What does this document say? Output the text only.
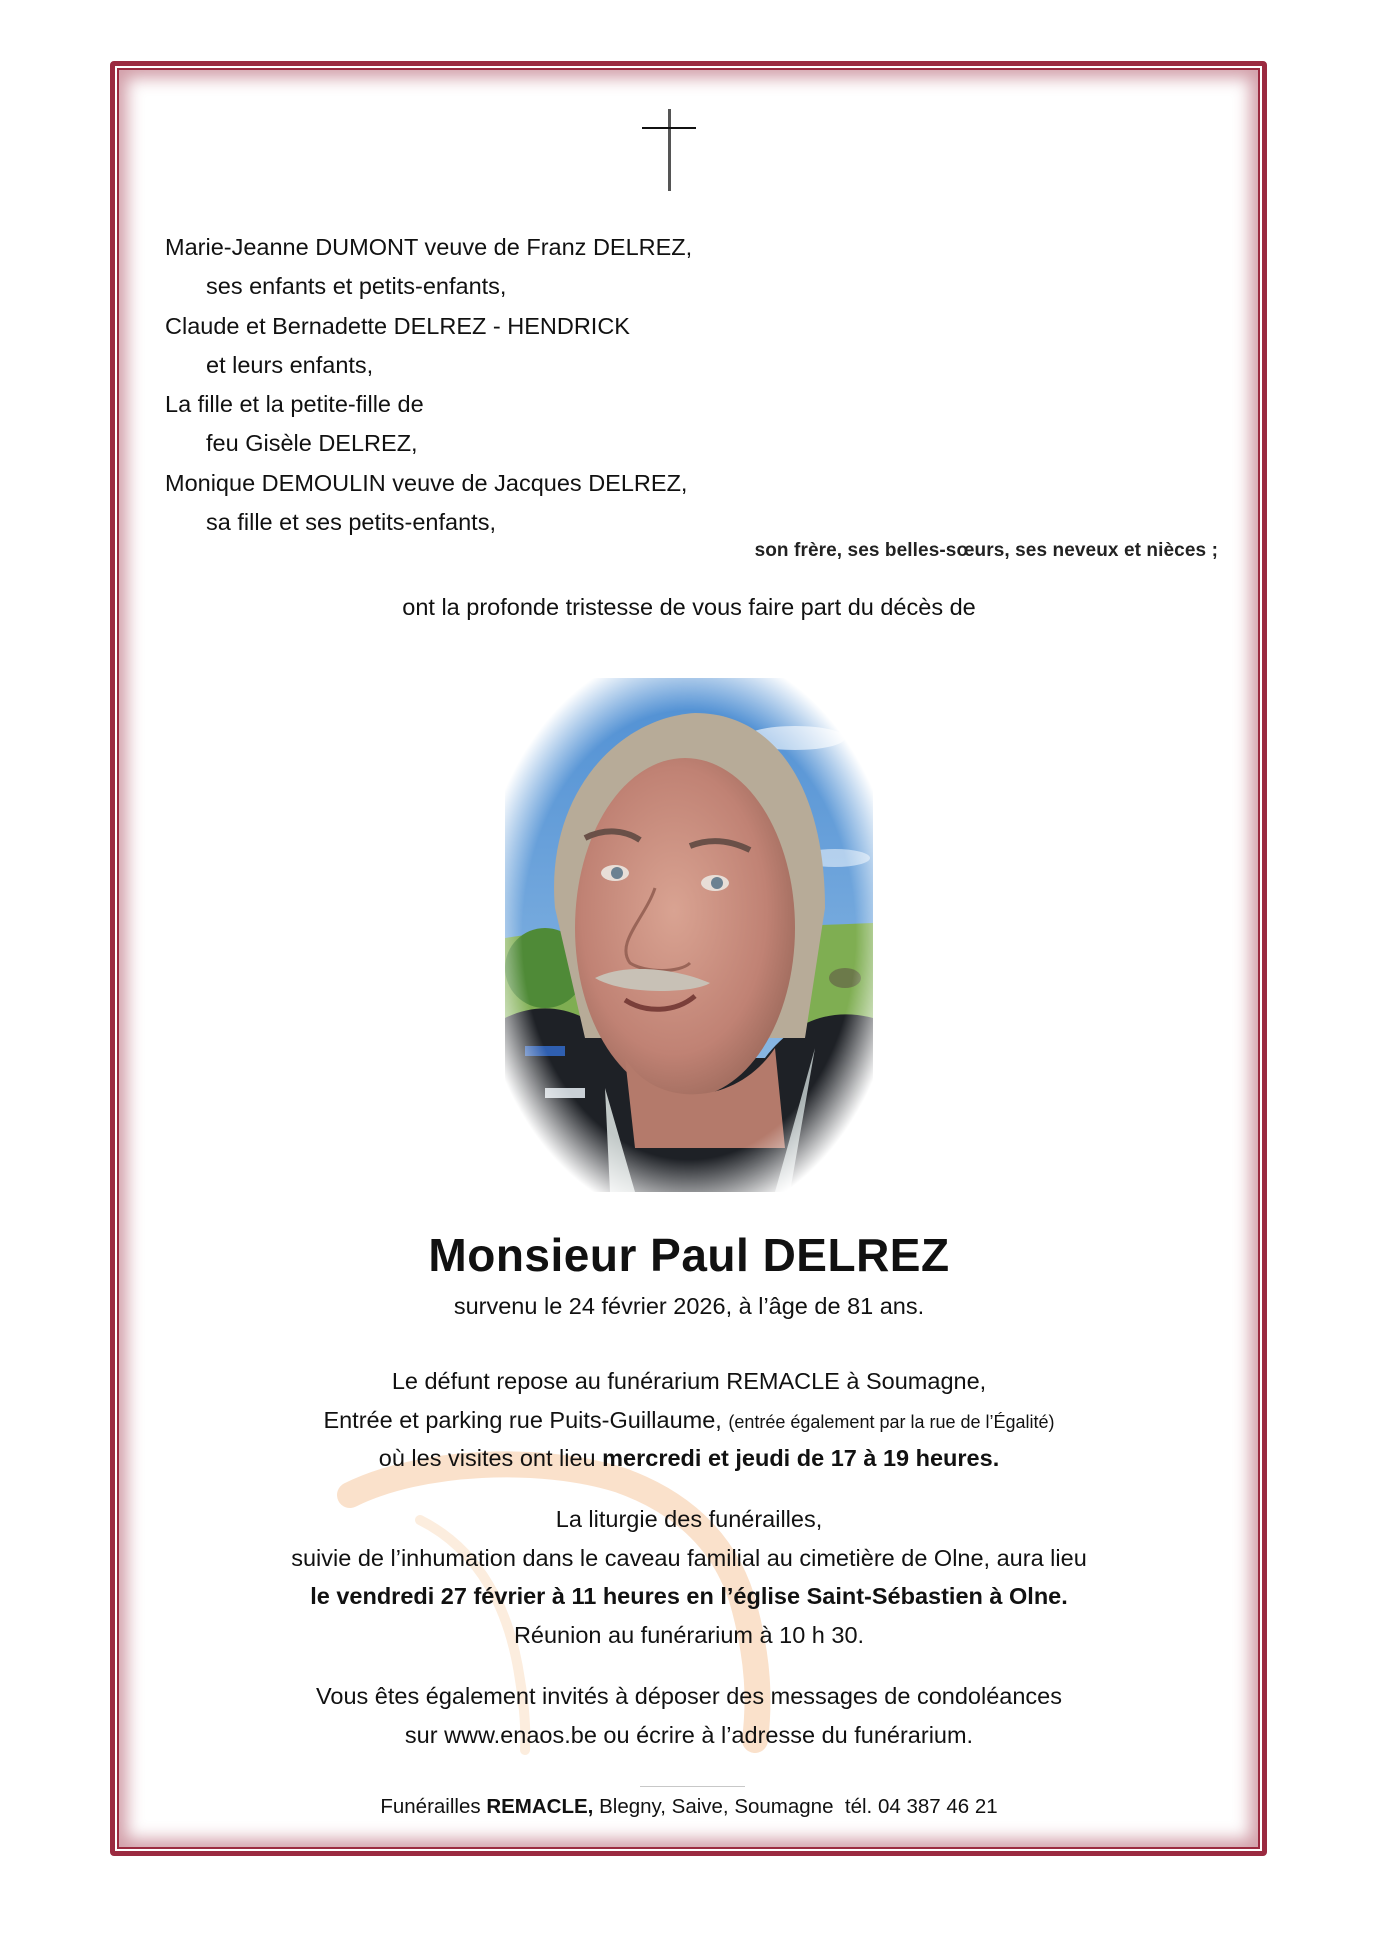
Marie-Jeanne DUMONT veuve de Franz DELREZ,
ses enfants et petits-enfants,
Claude et Bernadette DELREZ - HENDRICK
et leurs enfants,
La fille et la petite-fille de
feu Gisèle DELREZ,
Monique DEMOULIN veuve de Jacques DELREZ,
sa fille et ses petits-enfants,
son frère, ses belles-sœurs, ses neveux et nièces ;
ont la profonde tristesse de vous faire part du décès de
Monsieur Paul DELREZ
survenu le 24 février 2026, à l’âge de 81 ans.
Le défunt repose au funérarium REMACLE à Soumagne,
Entrée et parking rue Puits-Guillaume, (entrée également par la rue de l’Égalité)
où les visites ont lieu mercredi et jeudi de 17 à 19 heures.
La liturgie des funérailles,
suivie de l’inhumation dans le caveau familial au cimetière de Olne, aura lieu
le vendredi 27 février à 11 heures en l’église Saint-Sébastien à Olne.
Réunion au funérarium à 10 h 30.
Vous êtes également invités à déposer des messages de condoléances
sur www.enaos.be ou écrire à l’adresse du funérarium.
Funérailles REMACLE, Blegny, Saive, Soumagne tél. 04 387 46 21
